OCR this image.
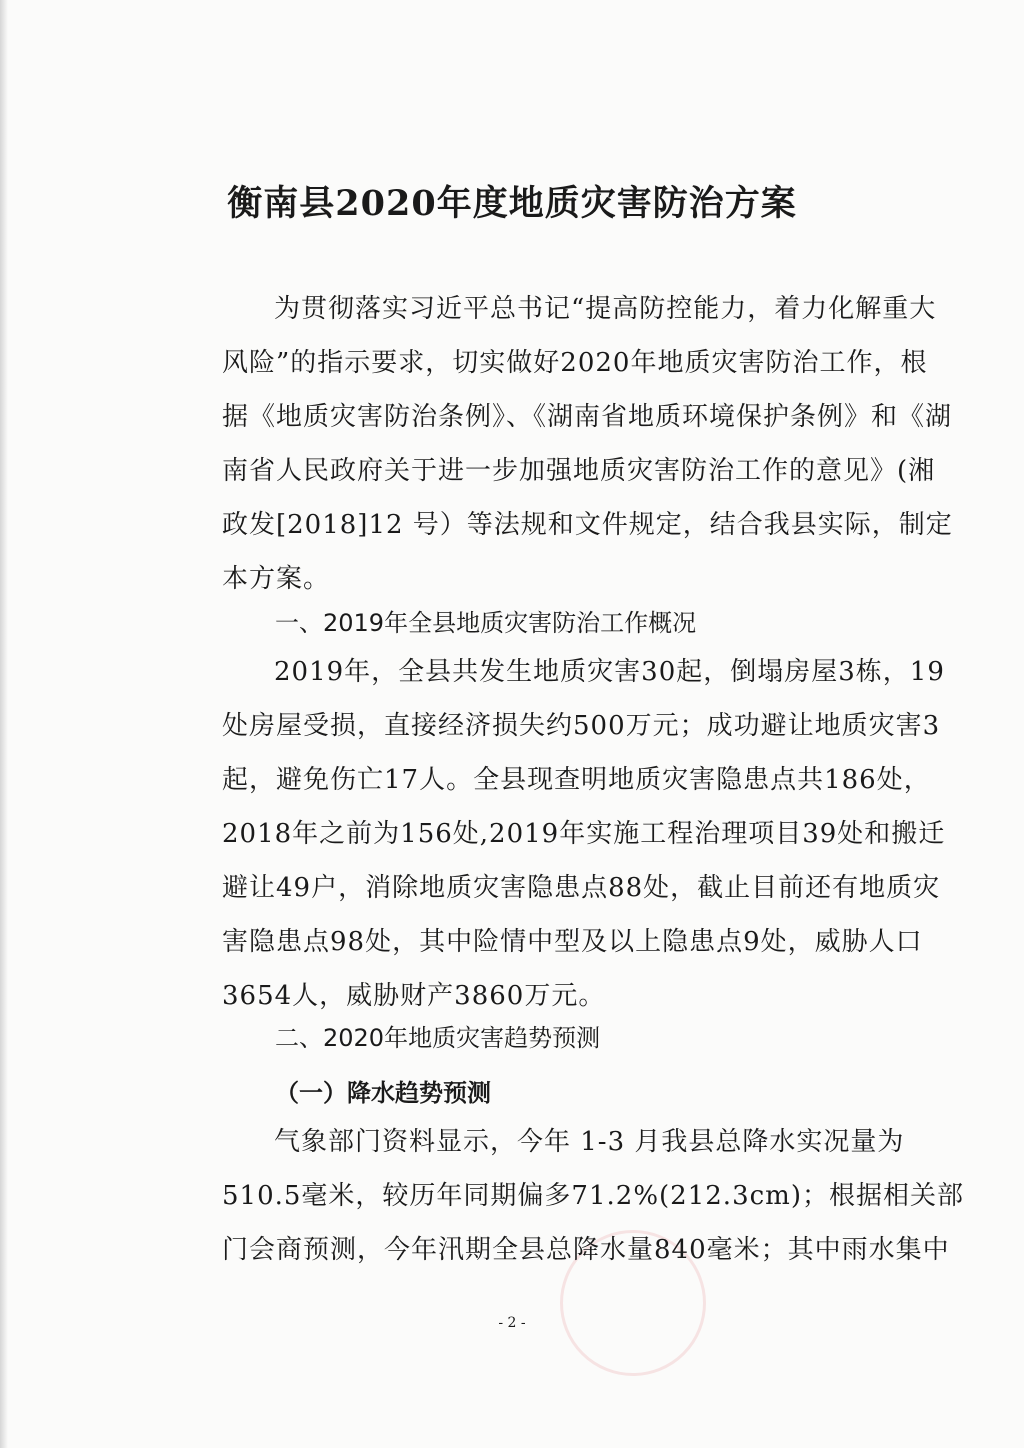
衡南县2020年度地质灾害防治方案
为贯彻落实习近平总书记“提高防控能力，着力化解重大
风险”的指示要求，切实做好2020年地质灾害防治工作，根
据《地质灾害防治条例》、《湖南省地质环境保护条例》和《湖
南省人民政府关于进一步加强地质灾害防治工作的意见》(湘
政发[2018]12 号）等法规和文件规定，结合我县实际，制定
本方案。
一、2019年全县地质灾害防治工作概况
2019年，全县共发生地质灾害30起，倒塌房屋3栋，19
处房屋受损，直接经济损失约500万元；成功避让地质灾害3
起，避免伤亡17人。全县现查明地质灾害隐患点共186处，
2018年之前为156处,2019年实施工程治理项目39处和搬迁
避让49户，消除地质灾害隐患点88处，截止目前还有地质灾
害隐患点98处，其中险情中型及以上隐患点9处，威胁人口
3654人，威胁财产3860万元。
二、2020年地质灾害趋势预测
（一）降水趋势预测
气象部门资料显示，今年 1-3 月我县总降水实况量为
510.5毫米，较历年同期偏多71.2%(212.3cm)；根据相关部
门会商预测，今年汛期全县总降水量840毫米；其中雨水集中
- 2 -
